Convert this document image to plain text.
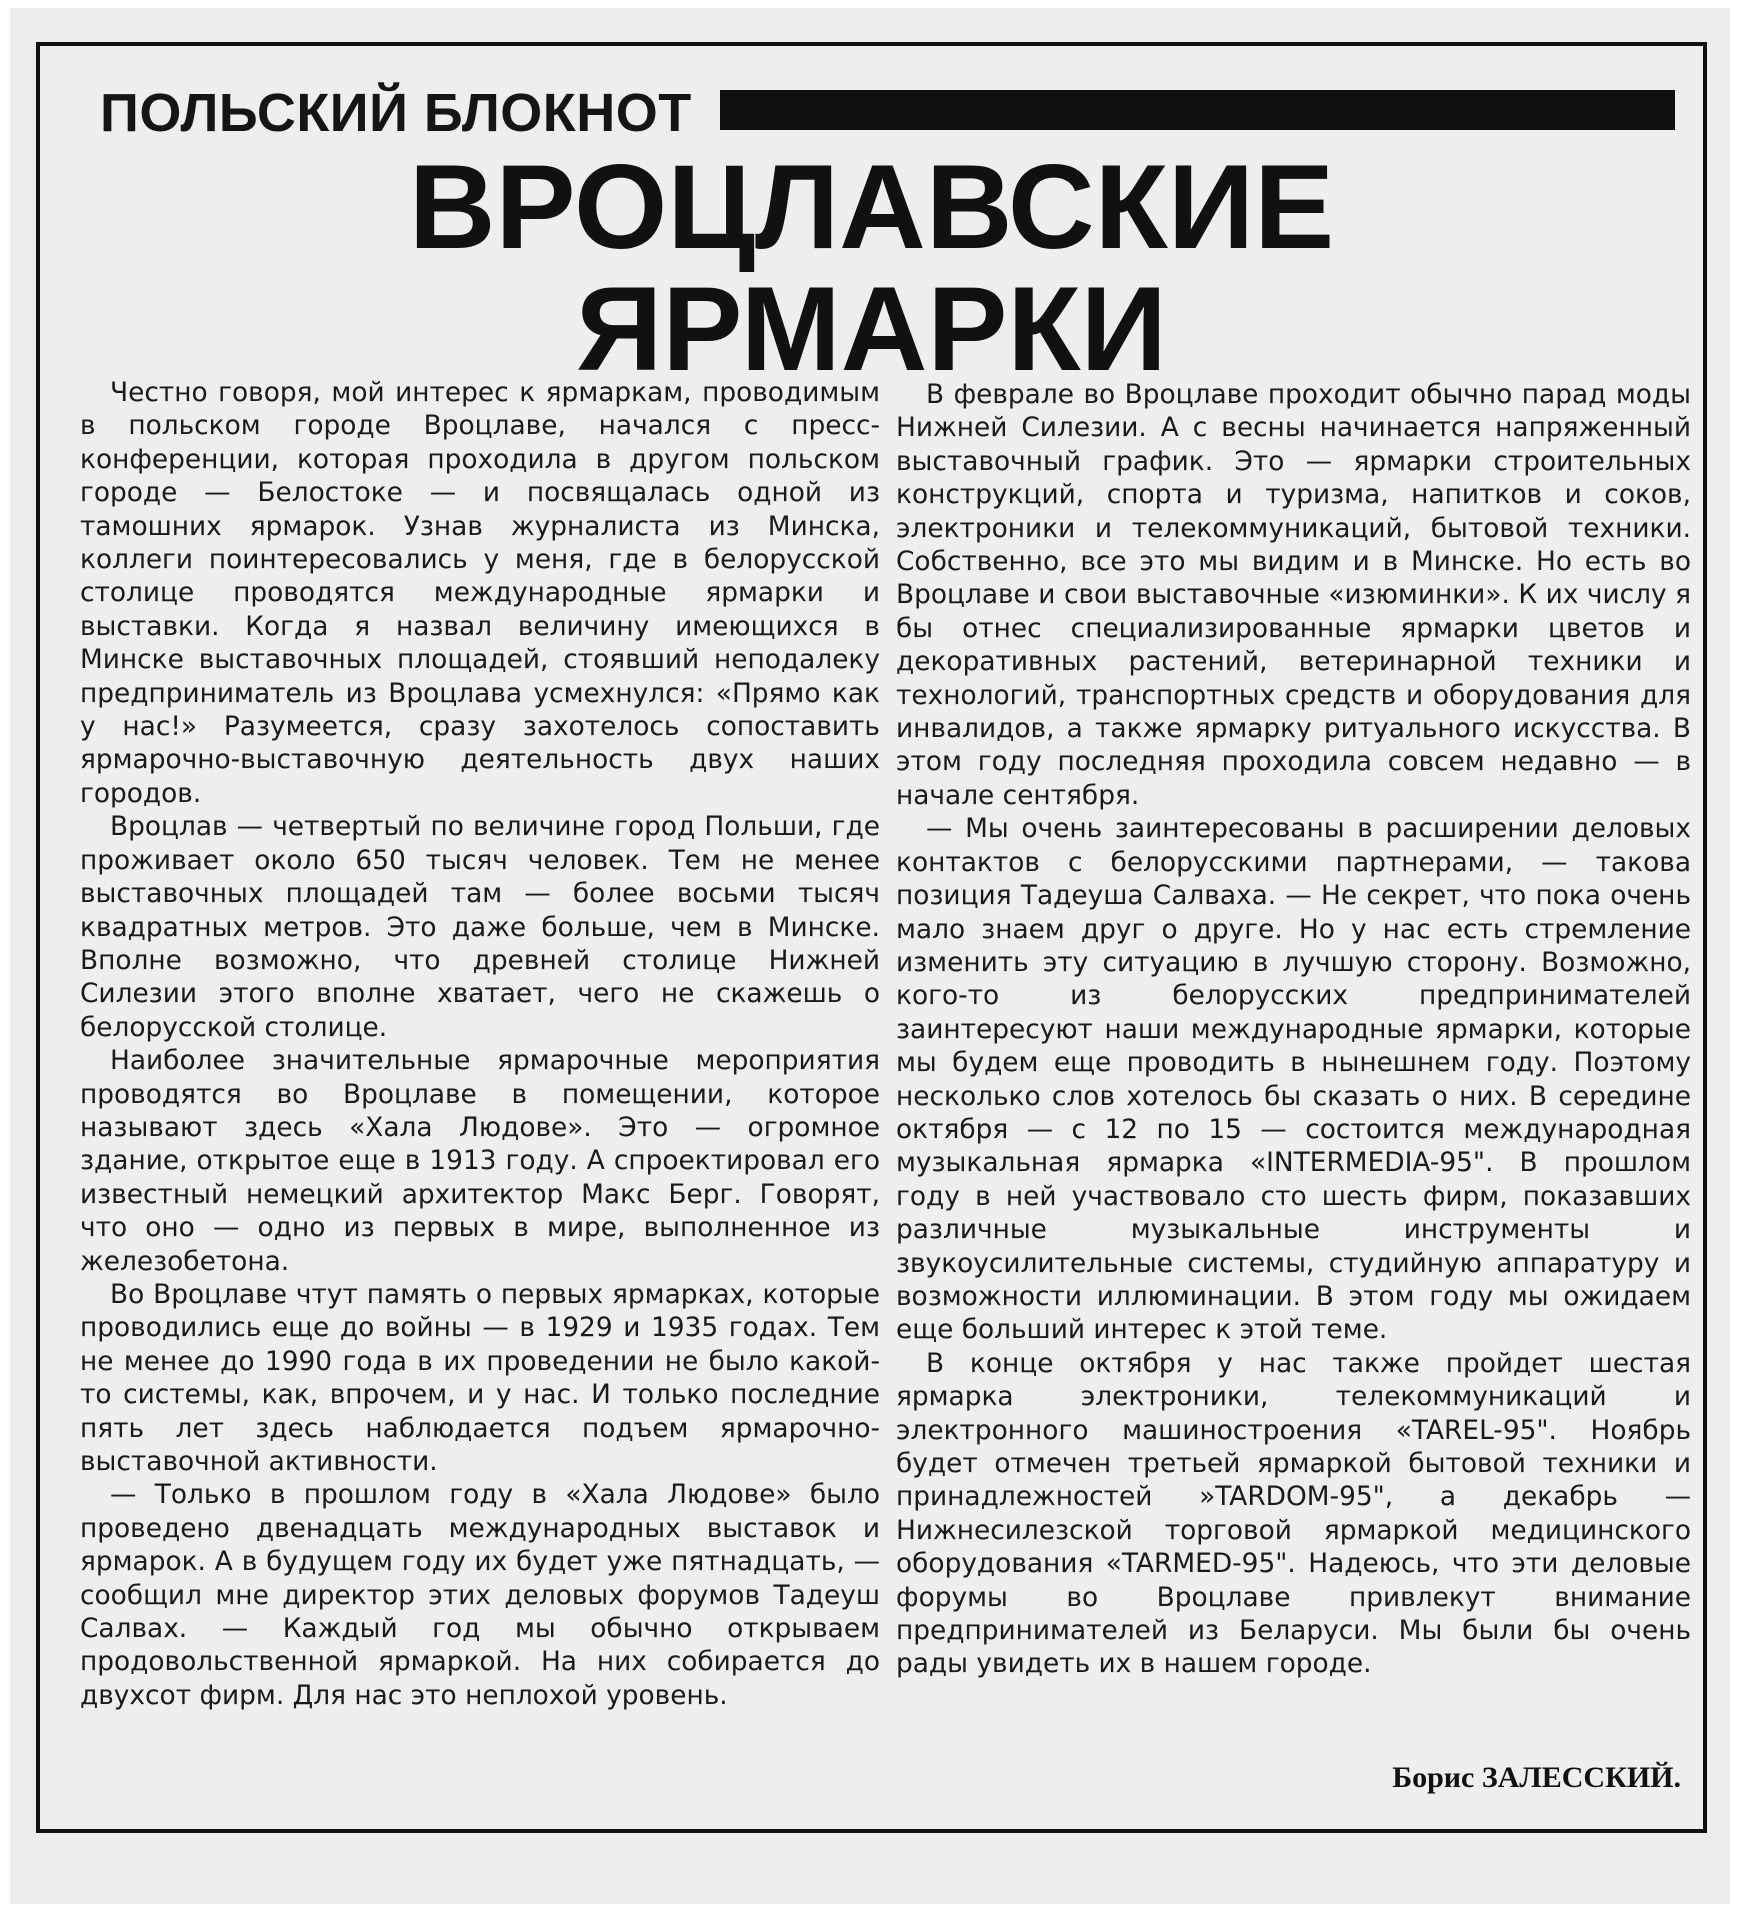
ПОЛЬСКИЙ БЛОКНОТ
ВРОЦЛАВСКИЕ
ЯРМАРКИ

Честно говоря, мой интерес к ярмаркам, проводимым в польском городе Вроцлаве, начался с пресс-конференции, которая проходила в другом польском городе — Белостоке — и посвящалась одной из тамошних ярмарок. Узнав журналиста из Минска, коллеги поинтересовались у меня, где в белорусской столице проводятся международные ярмарки и выставки. Когда я назвал величину имеющихся в Минске выставочных площадей, стоявший неподалеку предприниматель из Вроцлава усмехнулся: «Прямо как у нас!» Разумеется, сразу захотелось сопоставить ярмарочно-выставочную деятельность двух наших городов.

Вроцлав — четвертый по величине город Польши, где проживает около 650 тысяч человек. Тем не менее выставочных площадей там — более восьми тысяч квадратных метров. Это даже больше, чем в Минске. Вполне возможно, что древней столице Нижней Силезии этого вполне хватает, чего не скажешь о белорусской столице.

Наиболее значительные ярмарочные мероприятия проводятся во Вроцлаве в помещении, которое называют здесь «Хала Людове». Это — огромное здание, открытое еще в 1913 году. А спроектировал его известный немецкий архитектор Макс Берг. Говорят, что оно — одно из первых в мире, выполненное из железобетона.

Во Вроцлаве чтут память о первых ярмарках, которые проводились еще до войны — в 1929 и 1935 годах. Тем не менее до 1990 года в их проведении не было какой-то системы, как, впрочем, и у нас. И только последние пять лет здесь наблюдается подъем ярмарочно-выставочной активности.

— Только в прошлом году в «Хала Людове» было проведено двенадцать международных выставок и ярмарок. А в будущем году их будет уже пятнадцать, — сообщил мне директор этих деловых форумов Тадеуш Салвах. — Каждый год мы обычно открываем продовольственной ярмаркой. На них собирается до двухсот фирм. Для нас это неплохой уровень.

В феврале во Вроцлаве проходит обычно парад моды Нижней Силезии. А с весны начинается напряженный выставочный график. Это — ярмарки строительных конструкций, спорта и туризма, напитков и соков, электроники и телекоммуникаций, бытовой техники. Собственно, все это мы видим и в Минске. Но есть во Вроцлаве и свои выставочные «изюминки». К их числу я бы отнес специализированные ярмарки цветов и декоративных растений, ветеринарной техники и технологий, транспортных средств и оборудования для инвалидов, а также ярмарку ритуального искусства. В этом году последняя проходила совсем недавно — в начале сентября.

— Мы очень заинтересованы в расширении деловых контактов с белорусскими партнерами, — такова позиция Тадеуша Салваха. — Не секрет, что пока очень мало знаем друг о друге. Но у нас есть стремление изменить эту ситуацию в лучшую сторону. Возможно, кого-то из белорусских предпринимателей заинтересуют наши международные ярмарки, которые мы будем еще проводить в нынешнем году. Поэтому несколько слов хотелось бы сказать о них. В середине октября — с 12 по 15 — состоится международная музыкальная ярмарка «INTERMEDIA-95". В прошлом году в ней участвовало сто шесть фирм, показавших различные музыкальные инструменты и звукоусилительные системы, студийную аппаратуру и возможности иллюминации. В этом году мы ожидаем еще больший интерес к этой теме.

В конце октября у нас также пройдет шестая ярмарка электроники, телекоммуникаций и электронного машиностроения «TAREL-95". Ноябрь будет отмечен третьей ярмаркой бытовой техники и принадлежностей »TARDOM-95", а декабрь — Нижнесилезской торговой ярмаркой медицинского оборудования «TARMED-95". Надеюсь, что эти деловые форумы во Вроцлаве привлекут внимание предпринимателей из Беларуси. Мы были бы очень рады увидеть их в нашем городе.

Борис ЗАЛЕССКИЙ.
